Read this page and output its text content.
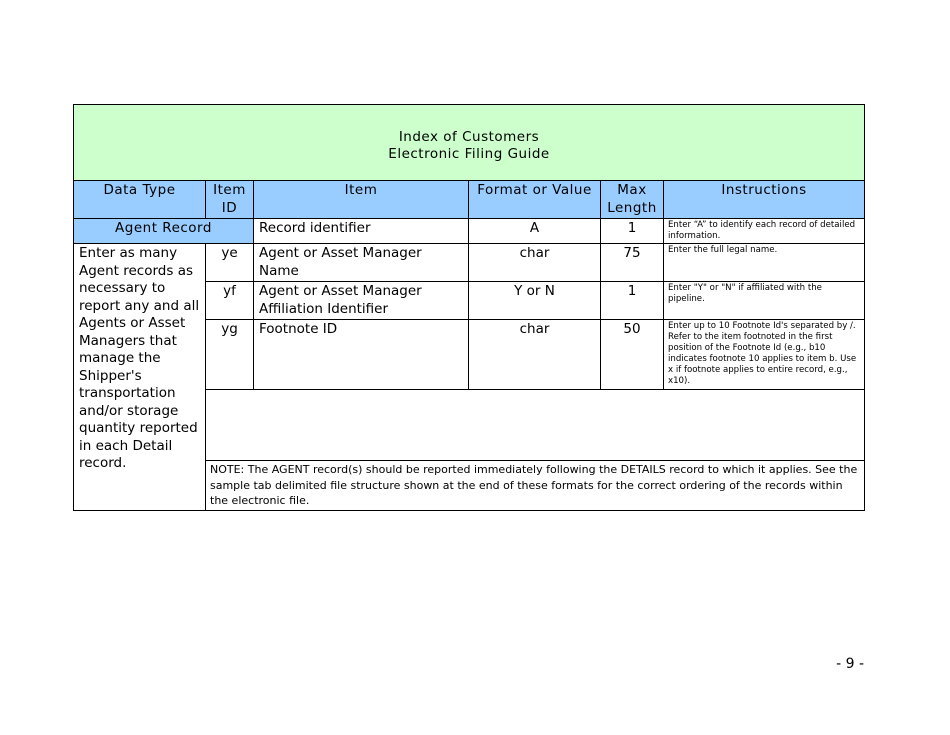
Index of Customers
Electronic Filing Guide					

Data Type	Item ID	Item	Format or Value	Max Length	Instructions
Agent Record		Record identifier	A	1	Enter “A” to identify each record of detailed information.
Enter as many Agent records as necessary to report any and all Agents or Asset Managers that manage the Shipper's transportation and/or storage quantity reported in each Detail record.	ye	Agent or Asset Manager Name	char	75	Enter the full legal name.
	yf	Agent or Asset Manager Affiliation Identifier	Y or N	1	Enter "Y" or "N" if affiliated with the pipeline.
	yg	Footnote ID	char	50	Enter up to 10 Footnote Id's separated by /. Refer to the item footnoted in the first position of the Footnote Id (e.g., b10 indicates footnote 10 applies to item b. Use x if footnote applies to entire record, e.g., x10).

	NOTE: The AGENT record(s) should be reported immediately following the DETAILS record to which it applies. See the sample tab delimited file structure shown at the end of these formats for the correct ordering of the records within the electronic file.				
- 9 -
